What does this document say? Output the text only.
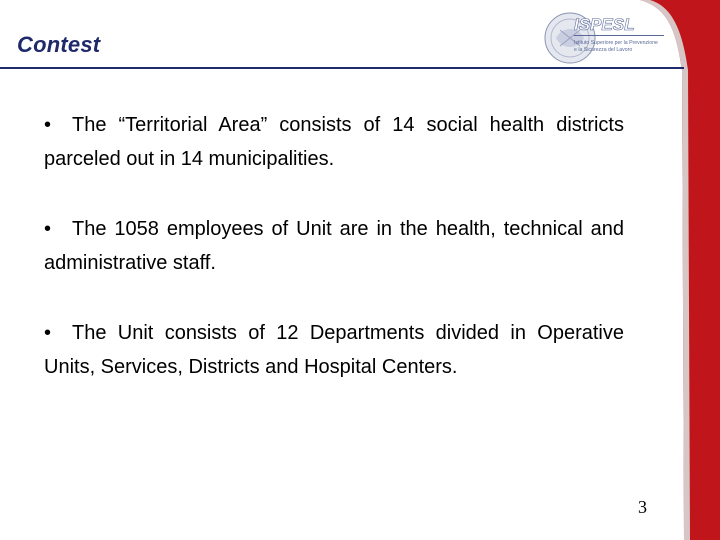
ISPESL
Istituto Superiore per la Prevenzione
e la Sicurezza del Lavoro
Contest

• The “Territorial Area” consists of 14 social health districts parceled out in 14 municipalities.

• The 1058 employees of Unit are in the health, technical and administrative staff.

• The Unit consists of 12 Departments divided in Operative Units, Services, Districts and Hospital Centers.

3
